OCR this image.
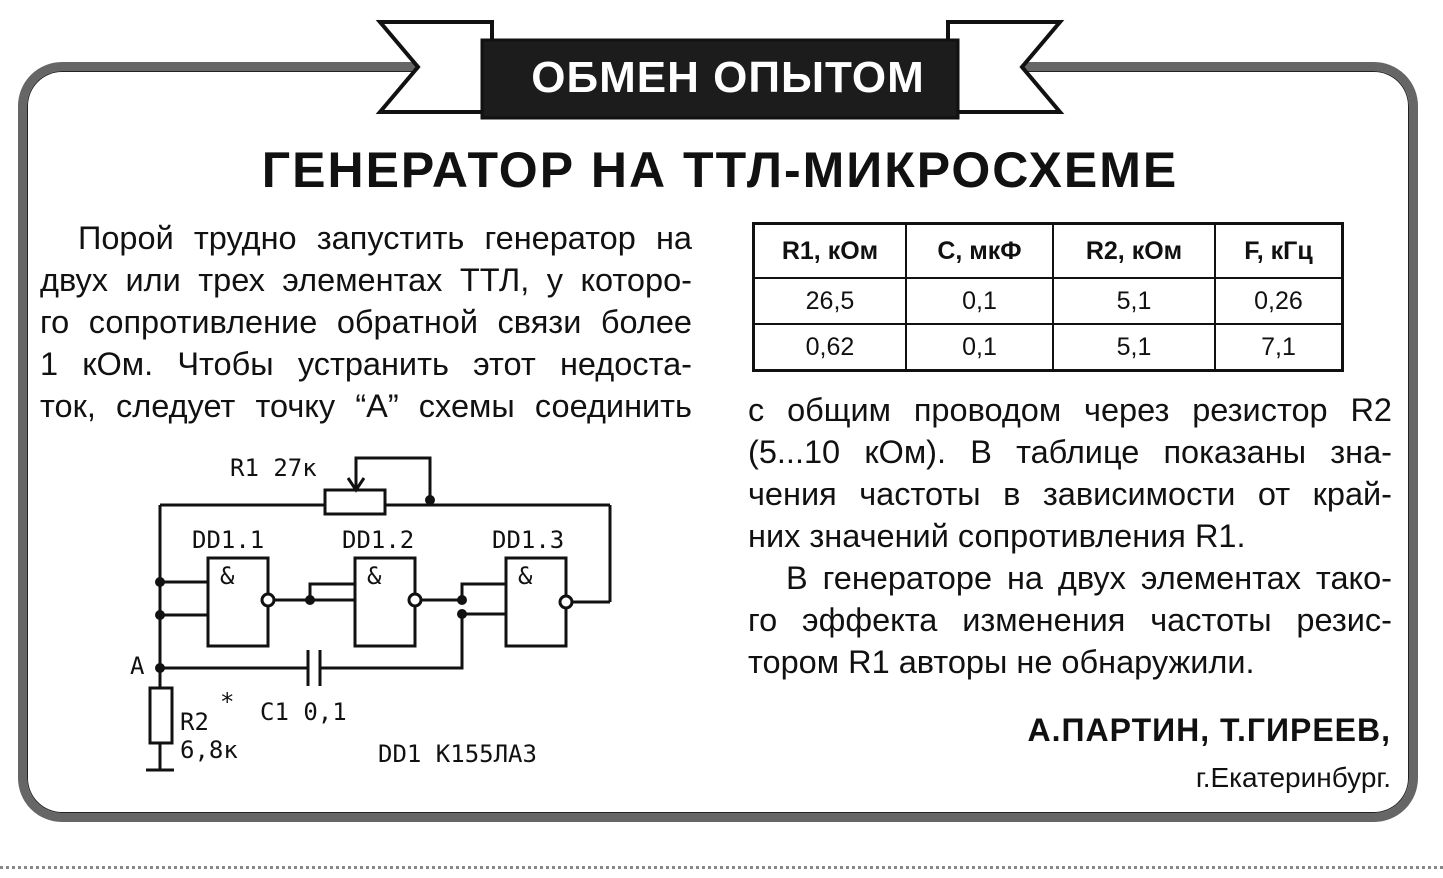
ОБМЕН ОПЫТОМ
ГЕНЕРАТОР НА ТТЛ-МИКРОСХЕМЕ

Порой трудно запустить генератор на
двух или трех элементах ТТЛ, у которо-
го сопротивление обратной связи более
1 кОм. Чтобы устранить этот недоста-
ток, следует точку “А” схемы соединить

R1, кОм	С, мкФ	R2, кОм	F, кГц
26,5	0,1	5,1	0,26
0,62	0,1	5,1	7,1

с общим проводом через резистор R2
(5...10 кОм). В таблице показаны зна-
чения частоты в зависимости от край-
них значений сопротивления R1.
В генераторе на двух элементах тако-
го эффекта изменения частоты резис-
тором R1 авторы не обнаружили.

R1 27к
DD1.1	DD1.2	DD1.3
&	&	&
А
R2
*
6,8к
C1 0,1
DD1 К155ЛА3

А.ПАРТИН, Т.ГИРЕЕВ,

г.Екатеринбург.
